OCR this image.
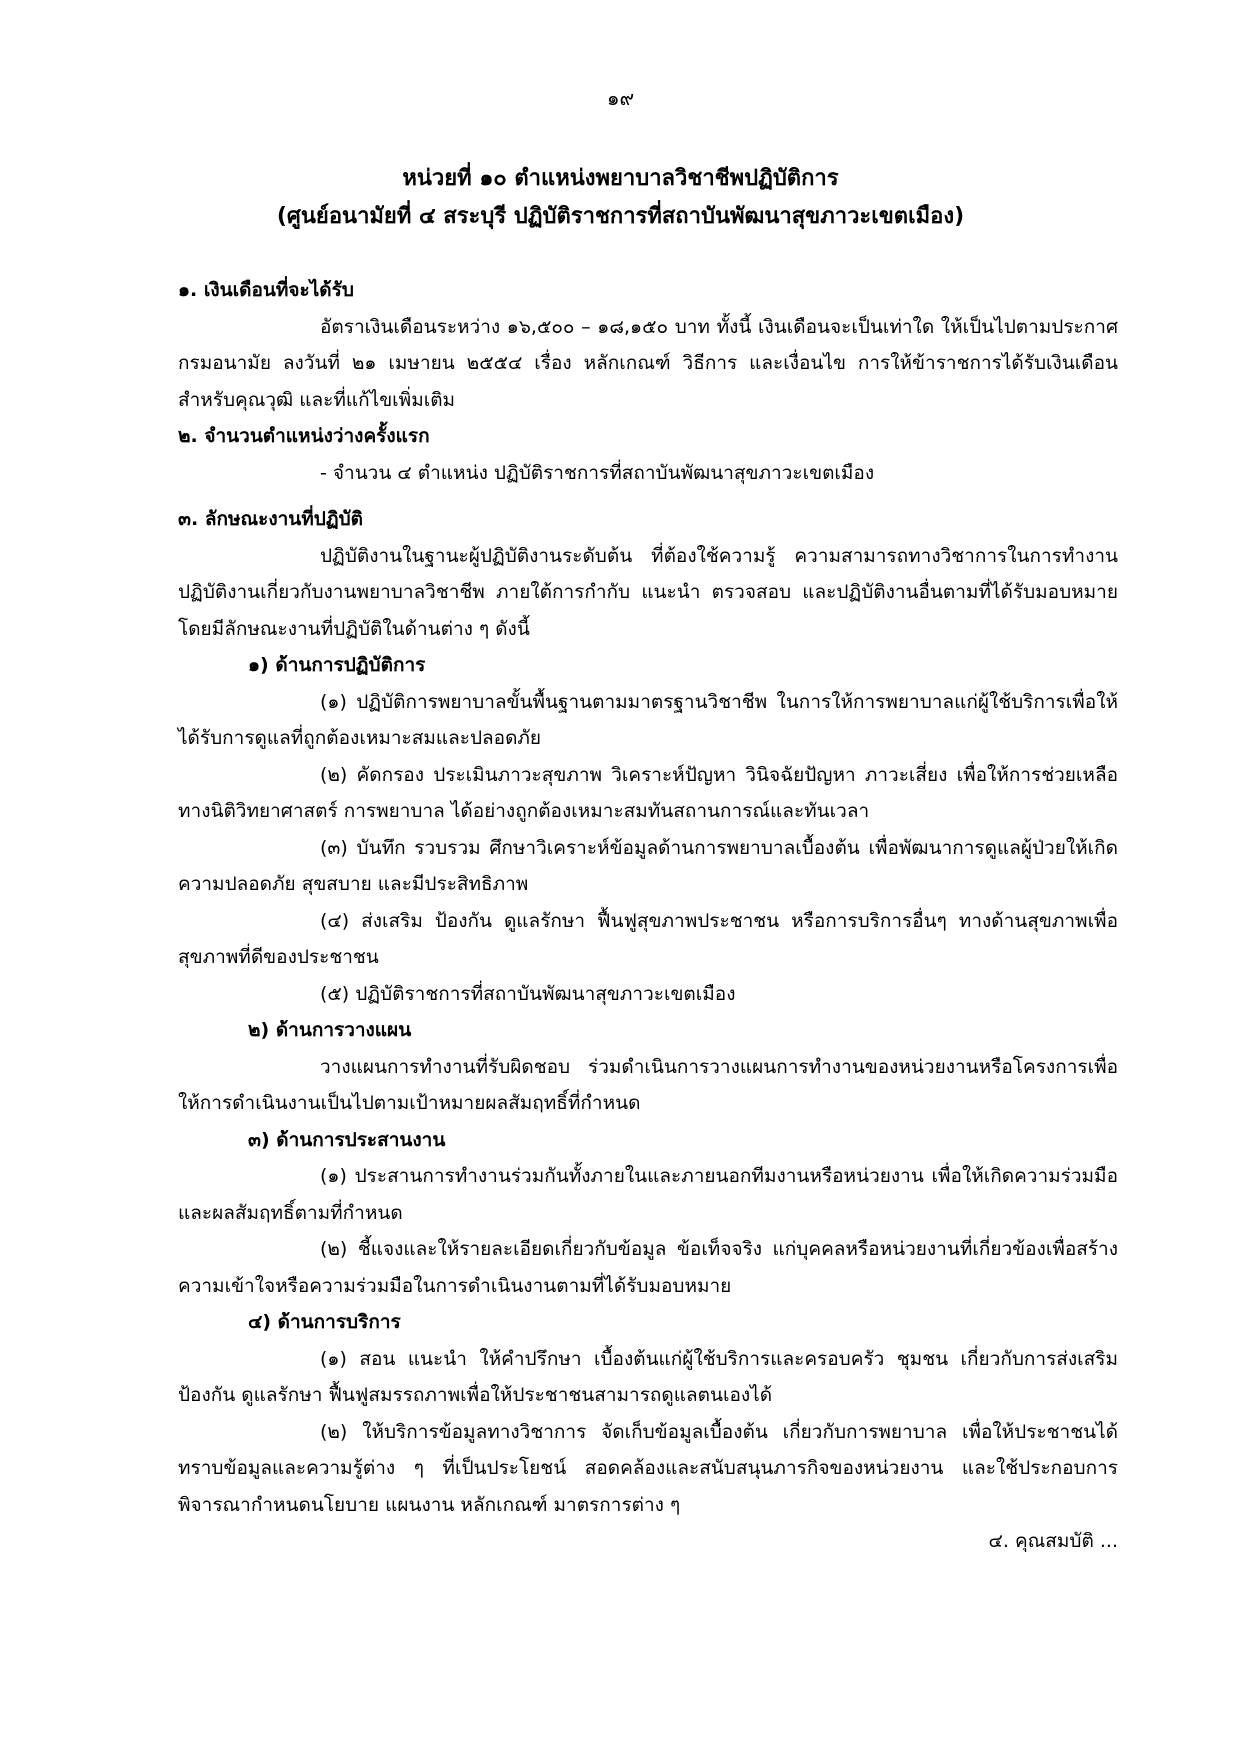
๑๙
หน่วยที่ ๑๐ ตำแหน่งพยาบาลวิชาชีพปฏิบัติการ
(ศูนย์อนามัยที่ ๔ สระบุรี ปฏิบัติราชการที่สถาบันพัฒนาสุขภาวะเขตเมือง)

๑. เงินเดือนที่จะได้รับ

อัตราเงินเดือนระหว่าง ๑๖,๕๐๐ – ๑๘,๑๕๐ บาท ทั้งนี้ เงินเดือนจะเป็นเท่าใด ให้เป็นไปตามประกาศกรมอนามัย ลงวันที่ ๒๑ เมษายน ๒๕๕๔ เรื่อง หลักเกณฑ์ วิธีการ และเงื่อนไข การให้ข้าราชการได้รับเงินเดือนสำหรับคุณวุฒิ และที่แก้ไขเพิ่มเติม

๒. จำนวนตำแหน่งว่างครั้งแรก

- จำนวน ๔ ตำแหน่ง ปฏิบัติราชการที่สถาบันพัฒนาสุขภาวะเขตเมือง

๓. ลักษณะงานที่ปฏิบัติ

ปฏิบัติงานในฐานะผู้ปฏิบัติงานระดับต้น ที่ต้องใช้ความรู้ ความสามารถทางวิชาการในการทำงาน ปฏิบัติงานเกี่ยวกับงานพยาบาลวิชาชีพ ภายใต้การกำกับ แนะนำ ตรวจสอบ และปฏิบัติงานอื่นตามที่ได้รับมอบหมาย โดยมีลักษณะงานที่ปฏิบัติในด้านต่าง ๆ ดังนี้

๑) ด้านการปฏิบัติการ

(๑) ปฏิบัติการพยาบาลขั้นพื้นฐานตามมาตรฐานวิชาชีพ ในการให้การพยาบาลแก่ผู้ใช้บริการเพื่อให้ได้รับการดูแลที่ถูกต้องเหมาะสมและปลอดภัย

(๒) คัดกรอง ประเมินภาวะสุขภาพ วิเคราะห์ปัญหา วินิจฉัยปัญหา ภาวะเสี่ยง เพื่อให้การช่วยเหลือทางนิติวิทยาศาสตร์ การพยาบาล ได้อย่างถูกต้องเหมาะสมทันสถานการณ์และทันเวลา

(๓) บันทึก รวบรวม ศึกษาวิเคราะห์ข้อมูลด้านการพยาบาลเบื้องต้น เพื่อพัฒนาการดูแลผู้ป่วยให้เกิดความปลอดภัย สุขสบาย และมีประสิทธิภาพ

(๔) ส่งเสริม ป้องกัน ดูแลรักษา ฟื้นฟูสุขภาพประชาชน หรือการบริการอื่นๆ ทางด้านสุขภาพเพื่อสุขภาพที่ดีของประชาชน

(๕) ปฏิบัติราชการที่สถาบันพัฒนาสุขภาวะเขตเมือง

๒) ด้านการวางแผน

วางแผนการทำงานที่รับผิดชอบ ร่วมดำเนินการวางแผนการทำงานของหน่วยงานหรือโครงการเพื่อให้การดำเนินงานเป็นไปตามเป้าหมายผลสัมฤทธิ์ที่กำหนด

๓) ด้านการประสานงาน

(๑) ประสานการทำงานร่วมกันทั้งภายในและภายนอกทีมงานหรือหน่วยงาน เพื่อให้เกิดความร่วมมือและผลสัมฤทธิ์ตามที่กำหนด

(๒) ชี้แจงและให้รายละเอียดเกี่ยวกับข้อมูล ข้อเท็จจริง แก่บุคคลหรือหน่วยงานที่เกี่ยวข้องเพื่อสร้างความเข้าใจหรือความร่วมมือในการดำเนินงานตามที่ได้รับมอบหมาย

๔) ด้านการบริการ

(๑) สอน แนะนำ ให้คำปรึกษา เบื้องต้นแก่ผู้ใช้บริการและครอบครัว ชุมชน เกี่ยวกับการส่งเสริม ป้องกัน ดูแลรักษา ฟื้นฟูสมรรถภาพเพื่อให้ประชาชนสามารถดูแลตนเองได้

(๒) ให้บริการข้อมูลทางวิชาการ จัดเก็บข้อมูลเบื้องต้น เกี่ยวกับการพยาบาล เพื่อให้ประชาชนได้ทราบข้อมูลและความรู้ต่าง ๆ ที่เป็นประโยชน์ สอดคล้องและสนับสนุนภารกิจของหน่วยงาน และใช้ประกอบการพิจารณากำหนดนโยบาย แผนงาน หลักเกณฑ์ มาตรการต่าง ๆ

๔. คุณสมบัติ ...
